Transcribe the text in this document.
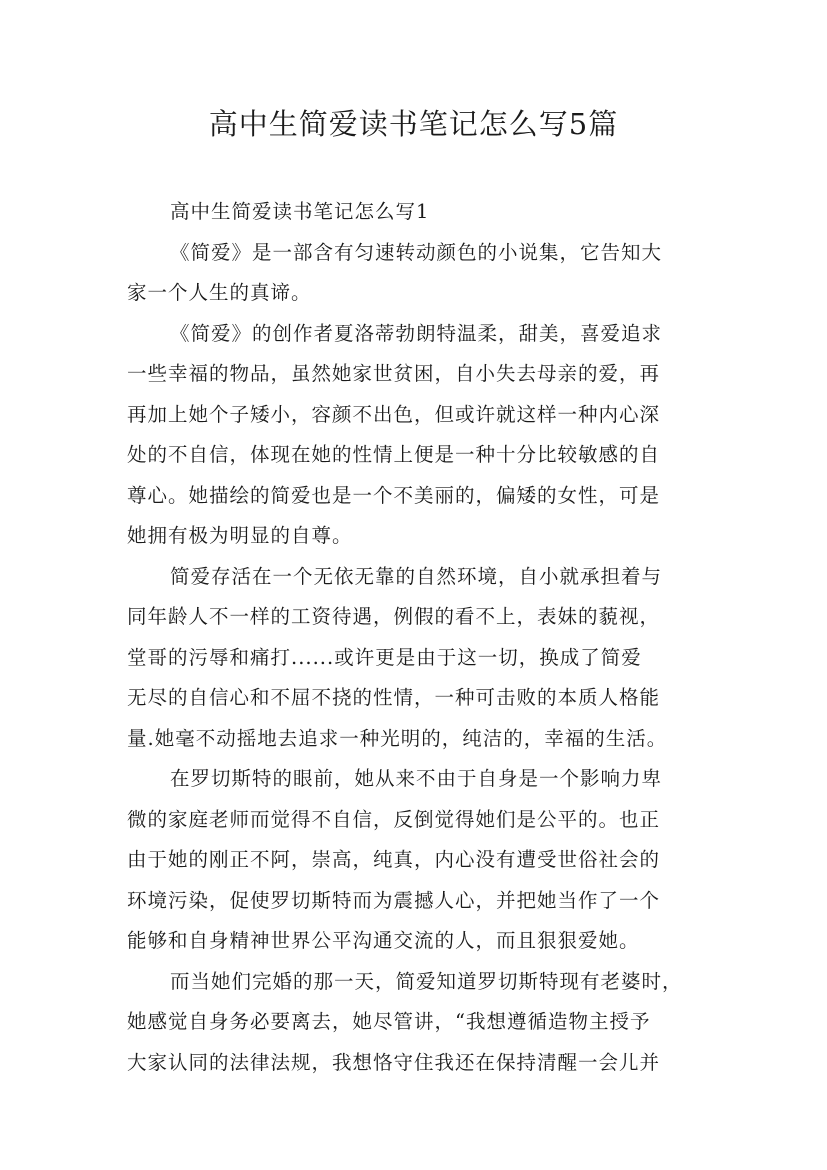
高中生简爱读书笔记怎么写5篇
高中生简爱读书笔记怎么写1
《简爱》是一部含有匀速转动颜色的小说集，它告知大
家一个人生的真谛。
《简爱》的创作者夏洛蒂勃朗特温柔，甜美，喜爱追求
一些幸福的物品，虽然她家世贫困，自小失去母亲的爱，再
再加上她个子矮小，容颜不出色，但或许就这样一种内心深
处的不自信，体现在她的性情上便是一种十分比较敏感的自
尊心。她描绘的简爱也是一个不美丽的，偏矮的女性，可是
她拥有极为明显的自尊。
简爱存活在一个无依无靠的自然环境，自小就承担着与
同年龄人不一样的工资待遇，例假的看不上，表妹的藐视，
堂哥的污辱和痛打......或许更是由于这一切，换成了简爱
无尽的自信心和不屈不挠的性情，一种可击败的本质人格能
量.她毫不动摇地去追求一种光明的，纯洁的，幸福的生活。
在罗切斯特的眼前，她从来不由于自身是一个影响力卑
微的家庭老师而觉得不自信，反倒觉得她们是公平的。也正
由于她的刚正不阿，崇高，纯真，内心没有遭受世俗社会的
环境污染，促使罗切斯特而为震撼人心，并把她当作了一个
能够和自身精神世界公平沟通交流的人，而且狠狠爱她。
而当她们完婚的那一天，简爱知道罗切斯特现有老婆时，
她感觉自身务必要离去，她尽管讲，“我想遵循造物主授予
大家认同的法律法规，我想恪守住我还在保持清醒一会儿并
